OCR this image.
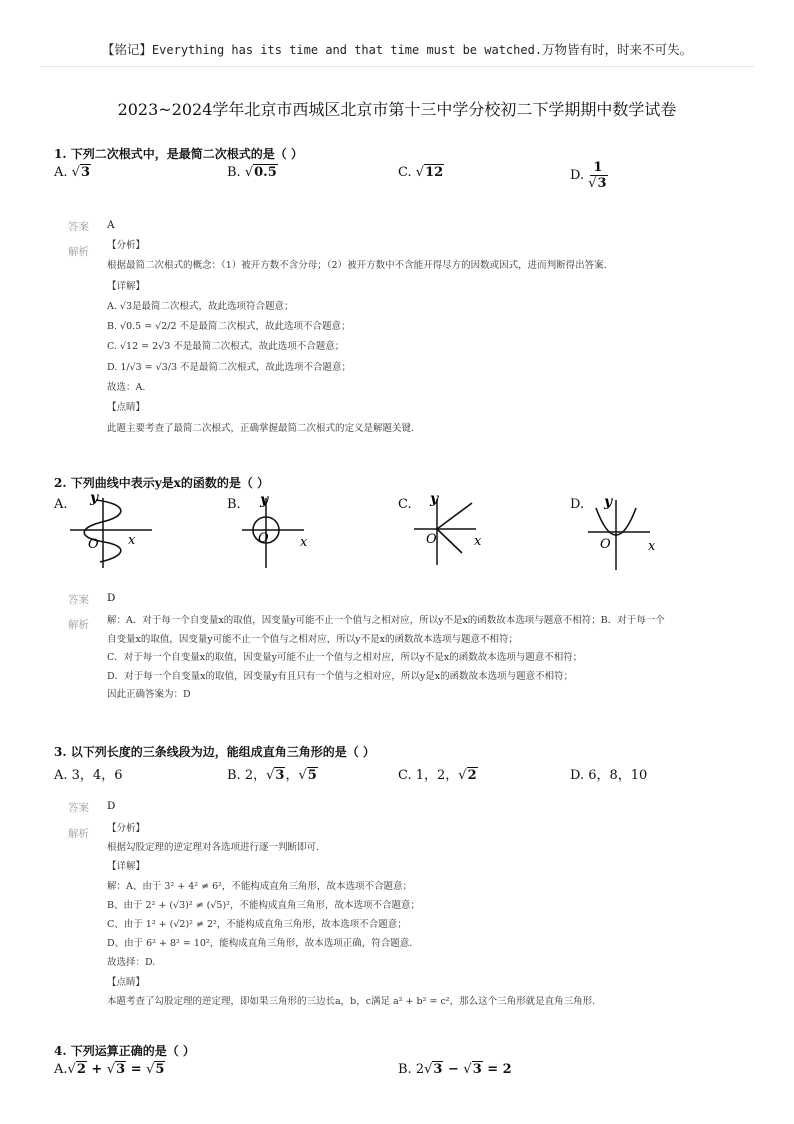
【铭记】Everything has its time and that time must be watched.万物皆有时，时来不可失。
2023~2024学年北京市西城区北京市第十三中学分校初二下学期期中数学试卷
1. 下列二次根式中，是最简二次根式的是（ ）
A. √3	B. √0.5	C. √12	D. $\frac{1}{√3}$
答案 A
解析
【分析】
根据最简二次根式的概念：（1）被开方数不含分母；（2）被开方数中不含能开得尽方的因数或因式，进而判断得出答案.
【详解】
A. √3是最简二次根式，故此选项符合题意；
B. √0.5 = √2/2 不是最简二次根式，故此选项不合题意；
C. √12 = 2√3 不是最简二次根式，故此选项不合题意；
D. 1/√3 = √3/3 不是最简二次根式，故此选项不合题意；
故选：A.
【点睛】
此题主要考查了最简二次根式，正确掌握最简二次根式的定义是解题关键.
2. 下列曲线中表示y是x的函数的是（ ）
A. y
O x
B. y
O x
C. y
O	x
D. y
O	x
答案 D
解析 解：A．对于每一个自变量x的取值，因变量y可能不止一个值与之相对应，所以y不是x的函数故本选项与题意不相符；B．对于每一个
自变量x的取值，因变量y可能不止一个值与之相对应，所以y不是x的函数故本选项与题意不相符；
C．对于每一个自变量x的取值，因变量y可能不止一个值与之相对应，所以y不是x的函数故本选项与题意不相符；
D．对于每一个自变量x的取值，因变量y有且只有一个值与之相对应，所以y是x的函数故本选项与题意不相符；
因此正确答案为：D
3. 以下列长度的三条线段为边，能组成直角三角形的是（ ）
A. 3，4，6	B. 2，√3，√5	C. 1，2，√2	D. 6，8，10
答案 D
解析 【分析】
根据勾股定理的逆定理对各选项进行逐一判断即可.
【详解】
解：A、由于 3² + 4² ≠ 6²，不能构成直角三角形，故本选项不合题意；
B、由于 2² + (√3)² ≠ (√5)²，不能构成直角三角形，故本选项不合题意；
C、由于 1² + (√2)² ≠ 2²，不能构成直角三角形，故本选项不合题意；
D、由于 6² + 8² = 10²，能构成直角三角形，故本选项正确，符合题意.
故选择：D.
【点睛】
本题考查了勾股定理的逆定理，即如果三角形的三边长a，b，c满足 a² + b² = c²，那么这个三角形就是直角三角形.
4. 下列运算正确的是（ ）
A.√2 + √3 = √5	B. 2√3 − √3 = 2
